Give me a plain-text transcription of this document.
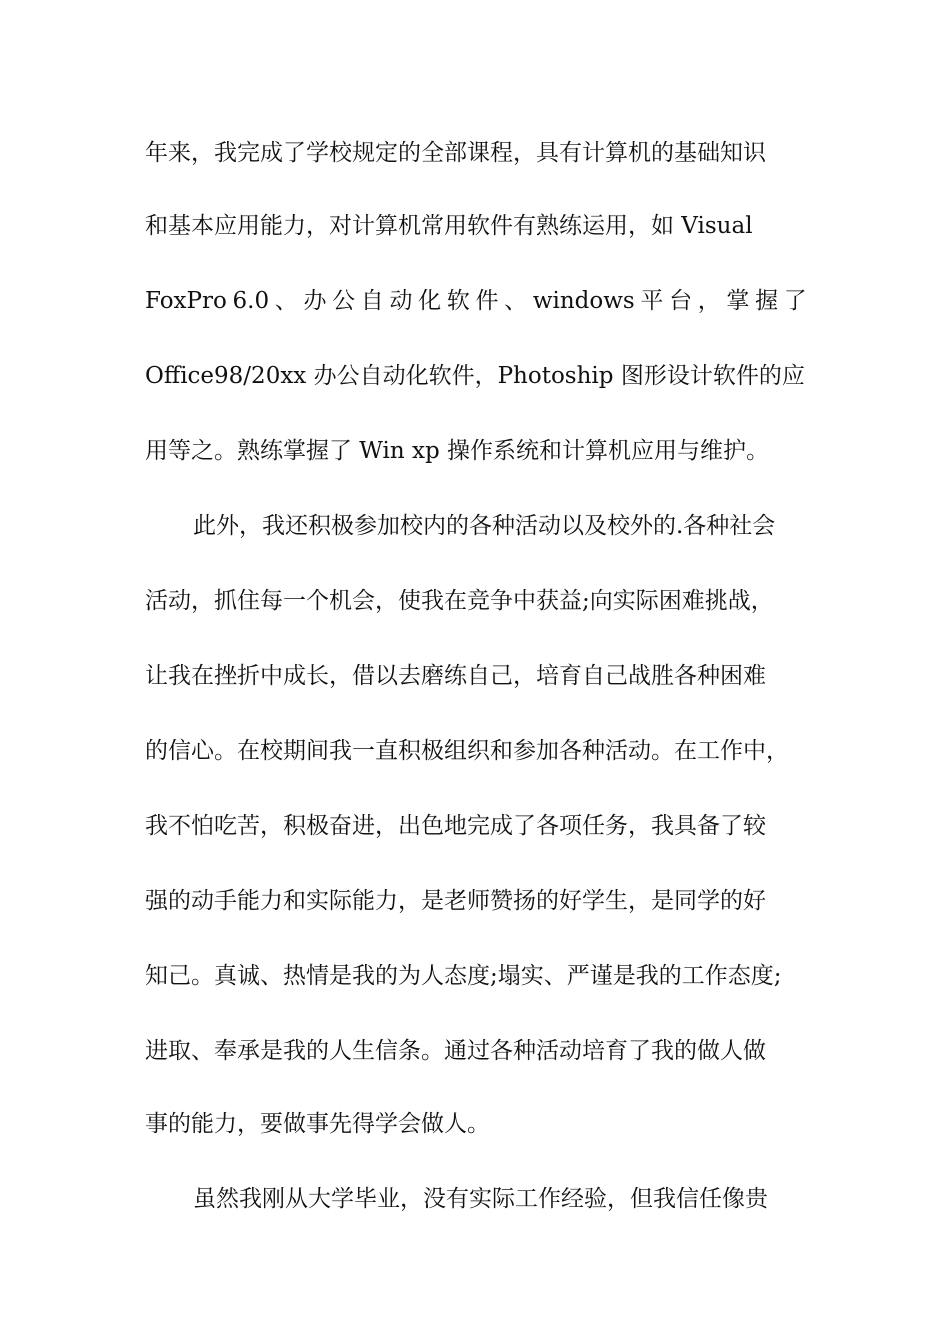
年来，我完成了学校规定的全部课程，具有计算机的基础知识
和基本应用能力，对计算机常用软件有熟练运用，如 Visual
FoxPro 6.0 、 办 公 自 动 化 软 件 、 windows 平 台 ， 掌 握 了
Office98/20xx 办公自动化软件，Photoship 图形设计软件的应
用等之。熟练掌握了 Win xp 操作系统和计算机应用与维护。
此外，我还积极参加校内的各种活动以及校外的.各种社会
活动，抓住每一个机会，使我在竞争中获益;向实际困难挑战，
让我在挫折中成长，借以去磨练自己，培育自己战胜各种困难
的信心。在校期间我一直积极组织和参加各种活动。在工作中，
我不怕吃苦，积极奋进，出色地完成了各项任务，我具备了较
强的动手能力和实际能力，是老师赞扬的好学生，是同学的好
知己。真诚、热情是我的为人态度;塌实、严谨是我的工作态度;
进取、奉承是我的人生信条。通过各种活动培育了我的做人做
事的能力，要做事先得学会做人。
虽然我刚从大学毕业，没有实际工作经验，但我信任像贵
